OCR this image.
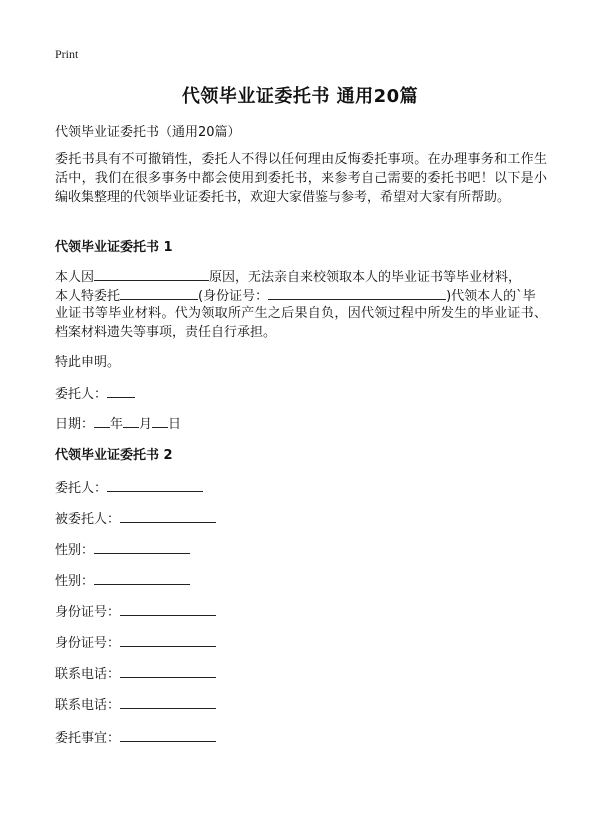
Print
代领毕业证委托书 通用20篇
代领毕业证委托书（通用20篇）
委托书具有不可撤销性，委托人不得以任何理由反悔委托事项。在办理事务和工作生活中，我们在很多事务中都会使用到委托书，来参考自己需要的委托书吧！以下是小编收集整理的代领毕业证委托书，欢迎大家借鉴与参考，希望对大家有所帮助。
代领毕业证委托书 1
本人因	原因，无法亲自来校领取本人的毕业证书等毕业材料，
本人特委托	(身份证号：	)代领本人的`毕
业证书等毕业材料。代为领取所产生之后果自负，因代领过程中所发生的毕业证书、档案材料遗失等事项，责任自行承担。
特此申明。
委托人：
日期： 年 月 日
代领毕业证委托书 2
委托人：
被委托人：
性别：
性别：
身份证号：
身份证号：
联系电话：
联系电话：
委托事宜：
